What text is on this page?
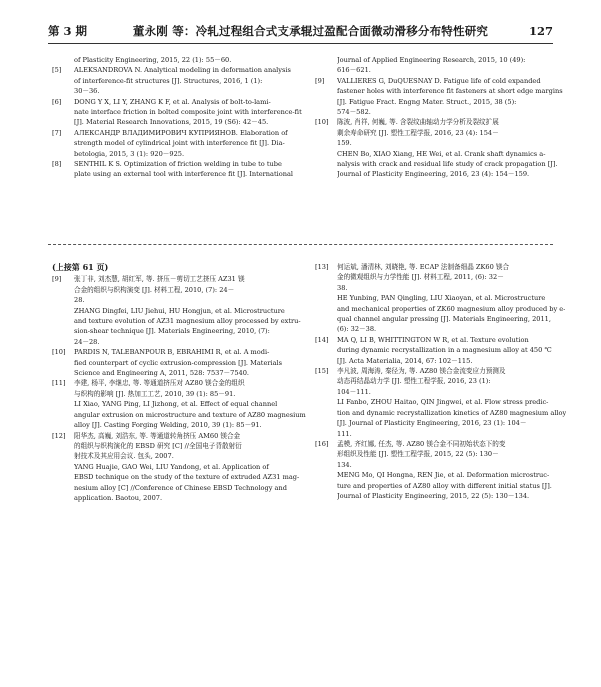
第 3 期	董永刚 等：冷轧过程组合式支承辊过盈配合面微动滑移分布特性研究	127
of Plasticity Engineering, 2015, 22 (1): 55－60.
[5]	ALEKSANDROVA N. Analytical modeling in deformation analysis
of interference-fit structures [J]. Structures, 2016, 1 (1):
30－36.
[6]	DONG Y X, LI Y, ZHANG K F, et al. Analysis of bolt-to-lami-
nate interface friction in bolted composite joint with interference-fit
[J]. Material Research Innovations, 2015, 19 (S6): 42－45.
[7]	АЛЕКСАНДР ВЛАДИМИРОВИЧ КУПРИЯНОВ. Elaboration of
strength model of cylindrical joint with interference fit [J]. Dia-
betologia, 2015, 3 (1): 920－925.
[8]	SENTHIL K S. Optimization of friction welding in tube to tube
plate using an external tool with interference fit [J]. International
Journal of Applied Engineering Research, 2015, 10 (49):
616－621.
[9]	VALLIERES G, DuQUESNAY D. Fatigue life of cold expanded
fastener holes with interference fit fasteners at short edge margins
[J]. Fatigue Fract. Engng Mater. Struct., 2015, 38 (5):
574－582.
[10]	陈波, 肖祥, 何巍, 等. 含裂纹曲轴动力学分析及裂纹扩展
剩余寿命研究 [J]. 塑性工程学报, 2016, 23 (4): 154－
159.
CHEN Bo, XIAO Xiang, HE Wei, et al. Crank shaft dynamics a-
nalysis with crack and residual life study of crack propagation [J].
Journal of Plasticity Engineering, 2016, 23 (4): 154－159.
(上接第 61 页)
[9]	张丁非, 刘杰慧, 胡红军, 等. 挤压－剪切工艺挤压 AZ31 镁
合金的组织与织构演变 [J]. 材料工程, 2010, (7): 24－
28.
ZHANG Dingfei, LIU Jiehui, HU Hongjun, et al. Microstructure
and texture evolution of AZ31 magnesium alloy processed by extru-
sion-shear technique [J]. Materials Engineering, 2010, (7):
24－28.
[10]	PARDIS N, TALEBANPOUR B, EBRAHIMI R, et al. A modi-
fied counterpart of cyclic extrusion-compression [J]. Materials
Science and Engineering A, 2011, 528: 7537－7540.
[11]	李建, 杨平, 李继忠, 等. 等通道挤压对 AZ80 镁合金的组织
与织构的影响 [J]. 热加工工艺, 2010, 39 (1): 85－91.
LI Xiao, YANG Ping, LI Jizhong, et al. Effect of equal channel
angular extrusion on microstructure and texture of AZ80 magnesium
alloy [J]. Casting Forging Welding, 2010, 39 (1): 85－91.
[12]	阳华杰, 高巍, 刘浩东, 等. 等通道转角挤压 AM60 镁合金
的组织与织构演化的 EBSD 研究 [C] //全国电子背散射衍
射技术及其应用会议. 包头, 2007.
YANG Huajie, GAO Wei, LIU Yandong, et al. Application of
EBSD technique on the study of the texture of extruded AZ31 mag-
nesium alloy [C] //Conference of Chinese EBSD Technology and
application. Baotou, 2007.
[13]	何运斌, 潘清林, 刘晓艳, 等. ECAP 法制备细晶 ZK60 镁合
金的微观组织与力学性能 [J]. 材料工程, 2011, (6): 32－
38.
HE Yunbing, PAN Qingling, LIU Xiaoyan, et al. Microstructure
and mechanical properties of ZK60 magnesium alloy produced by e-
qual channel angular pressing [J]. Materials Engineering, 2011,
(6): 32－38.
[14]	MA Q, LI B, WHITTINGTON W R, et al. Texture evolution
during dynamic recrystallization in a magnesium alloy at 450 ℃
[J]. Acta Materialia, 2014, 67: 102－115.
[15]	李凡波, 周海涛, 秦径为, 等. AZ80 镁合金流变应力预测及
动态再结晶动力学 [J]. 塑性工程学报, 2016, 23 (1):
104－111.
LI Fanbo, ZHOU Haitao, QIN Jingwei, et al. Flow stress predic-
tion and dynamic recrystallization kinetics of AZ80 magnesium alloy
[J]. Journal of Plasticity Engineering, 2016, 23 (1): 104－
111.
[16]	孟模, 齐红娜, 任杰, 等. AZ80 镁合金不同初始状态下的变
形组织及性能 [J]. 塑性工程学报, 2015, 22 (5): 130－
134.
MENG Mo, QI Hongna, REN Jie, et al. Deformation microstruc-
ture and properties of AZ80 alloy with different initial status [J].
Journal of Plasticity Engineering, 2015, 22 (5): 130－134.
